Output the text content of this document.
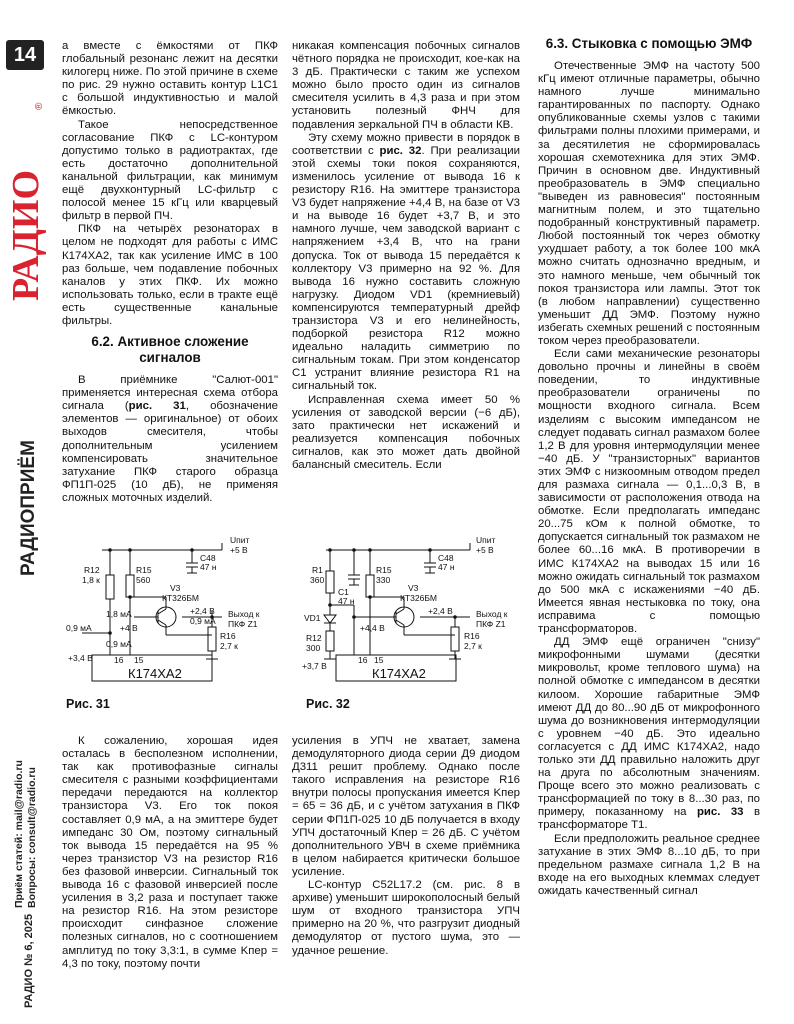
14
РАДИО
®
РАДИОПРИЁМ
Приём статей: mail@radio.ru Вопросы: consult@radio.ru
РАДИО № 6, 2025

а вместе с ёмкостями от ПКФ глобальный резонанс лежит на десятки килогерц ниже. По этой причине в схеме по рис. 29 нужно оставить контур L1C1 с большой индуктивностью и малой ёмкостью.

Такое непосредственное согласование ПКФ с LC-контуром допустимо только в радиотрактах, где есть достаточно дополнительной канальной фильтрации, как минимум ещё двухконтурный LC-фильтр с полосой менее 15 кГц или кварцевый фильтр в первой ПЧ.

ПКФ на четырёх резонаторах в целом не подходят для работы с ИМС К174ХА2, так как усиление ИМС в 100 раз больше, чем подавление побочных каналов у этих ПКФ. Их можно использовать только, если в тракте ещё есть существенные канальные фильтры.

6.2. Активное сложение сигналов

В приёмнике "Салют-001" применяется интересная схема отбора сигнала (рис. 31, обозначение элементов — оригинальное) от обоих выходов смесителя, чтобы дополнительным усилением компенсировать значительное затухание ПКФ старого образца ФП1П-025 (10 дБ), не применяя сложных моточных изделий.

никакая компенсация побочных сигналов чётного порядка не происходит, кое-как на 3 дБ. Практически с таким же успехом можно было просто один из сигналов смесителя усилить в 4,3 раза и при этом установить полезный ФНЧ для подавления зеркальной ПЧ в области КВ.

Эту схему можно привести в порядок в соответствии с рис. 32. При реализации этой схемы токи покоя сохраняются, изменилось усиление от вывода 16 к резистору R16. На эмиттере транзистора V3 будет напряжение +4,4 В, на базе от V3 и на выводе 16 будет +3,7 В, и это намного лучше, чем заводской вариант с напряжением +3,4 В, что на грани допуска. Ток от вывода 15 передаётся к коллектору V3 примерно на 92 %. Для вывода 16 нужно составить сложную нагрузку. Диодом VD1 (кремниевый) компенсируются температурный дрейф транзистора V3 и его нелинейность, подборкой резистора R12 можно идеально наладить симметрию по сигнальным токам. При этом конденсатор C1 устранит влияние резистора R1 на сигнальный ток.

Исправленная схема имеет 50 % усиления от заводской версии (−6 дБ), зато практически нет искажений и реализуется компенсация побочных сигналов, как это может дать двойной балансный смеситель. Если

6.3. Стыковка с помощью ЭМФ

Отечественные ЭМФ на частоту 500 кГц имеют отличные параметры, обычно намного лучше минимально гарантированных по паспорту. Однако опубликованные схемы узлов с такими фильтрами полны плохими примерами, и за десятилетия не сформировалась хорошая схемотехника для этих ЭМФ. Причин в основном две. Индуктивный преобразователь в ЭМФ специально "выведен из равновесия" постоянным магнитным полем, и это тщательно подобранный конструктивный параметр. Любой постоянный ток через обмотку ухудшает работу, а ток более 100 мкА можно считать однозначно вредным, и это намного меньше, чем обычный ток покоя транзистора или лампы. Этот ток (в любом направлении) существенно уменьшит ДД ЭМФ. Поэтому нужно избегать схемных решений с постоянным током через преобразователи.

Если сами механические резонаторы довольно прочны и линейны в своём поведении, то индуктивные преобразователи ограничены по мощности входного сигнала. Всем изделиям с высоким импедансом не следует подавать сигнал размахом более 1,2 В для уровня интермодуляции менее −40 дБ. У "транзисторных" вариантов этих ЭМФ с низкоомным отводом предел для размаха сигнала — 0,1...0,3 В, в зависимости от расположения отвода на обмотке. Если предполагать импеданс 20...75 кОм к полной обмотке, то допускается сигнальный ток размахом не более 60...16 мкА. В противоречии в ИМС К174ХА2 на выводах 15 или 16 можно ожидать сигнальный ток размахом до 500 мкА с искажениями −40 дБ. Имеется явная нестыковка по току, она исправима с помощью трансформаторов.

ДД ЭМФ ещё ограничен "снизу" микрофонными шумами (десятки микровольт, кроме теплового шума) на полной обмотке с импедансом в десятки килоом. Хорошие габаритные ЭМФ имеют ДД до 80...90 дБ от микрофонного шума до возникновения интермодуляции с уровнем −40 дБ. Это идеально согласуется с ДД ИМС К174ХА2, надо только эти ДД правильно наложить друг на друга по абсолютным значениям. Проще всего это можно реализовать с трансформацией по току в 8...30 раз, по примеру, показанному на рис. 33 в трансформаторе T1.

Если предположить реальное среднее затухание в этих ЭМФ 8...10 дБ, то при предельном размахе сигнала 1,2 В на входе на его выходных клеммах следует ожидать качественный сигнал

R12
1,8 к
R15
560
C48
47 н
Uпит
+5 В
V3
КТ326БМ
1,8 мА
0,9 мА
0,9 мА
0,9 мА
+4 В
+2,4 В
+3,4 В
Выход к
ПКФ Z1
R16
2,7 к
16 15
К174ХА2
Рис. 31
R1
360
C1
47 н
R15
330
C48
47 н
Uпит
+5 В
VD1
V3
КТ326БМ
R12
300
+4,4 В
+2,4 В
+3,7 В
Выход к
ПКФ Z1
R16
2,7 к
16 15
К174ХА2
Рис. 32

К сожалению, хорошая идея осталась в бесполезном исполнении, так как противофазные сигналы смесителя с разными коэффициентами передачи передаются на коллектор транзистора V3. Его ток покоя составляет 0,9 мА, а на эмиттере будет импеданс 30 Ом, поэтому сигнальный ток вывода 15 передаётся на 95 % через транзистор V3 на резистор R16 без фазовой инверсии. Сигнальный ток вывода 16 с фазовой инверсией после усиления в 3,2 раза и поступает также на резистор R16. На этом резисторе происходит синфазное сложение полезных сигналов, но с соотношением амплитуд по току 3,3:1, в сумме Kпер = 4,3 по току, поэтому почти

усиления в УПЧ не хватает, замена демодуляторного диода серии Д9 диодом Д311 решит проблему. Однако после такого исправления на резисторе R16 внутри полосы пропускания имеется Kпер = 65 = 36 дБ, и с учётом затухания в ПКФ серии ФП1П-025 10 дБ получается в входу УПЧ достаточный Kпер = 26 дБ. С учётом дополнительного УВЧ в схеме приёмника в целом набирается критически большое усиление.

LC-контур С52L17.2 (см. рис. 8 в архиве) уменьшит широкополосный белый шум от входного транзистора УПЧ примерно на 20 %, что разгрузит диодный демодулятор от пустого шума, это — удачное решение.
